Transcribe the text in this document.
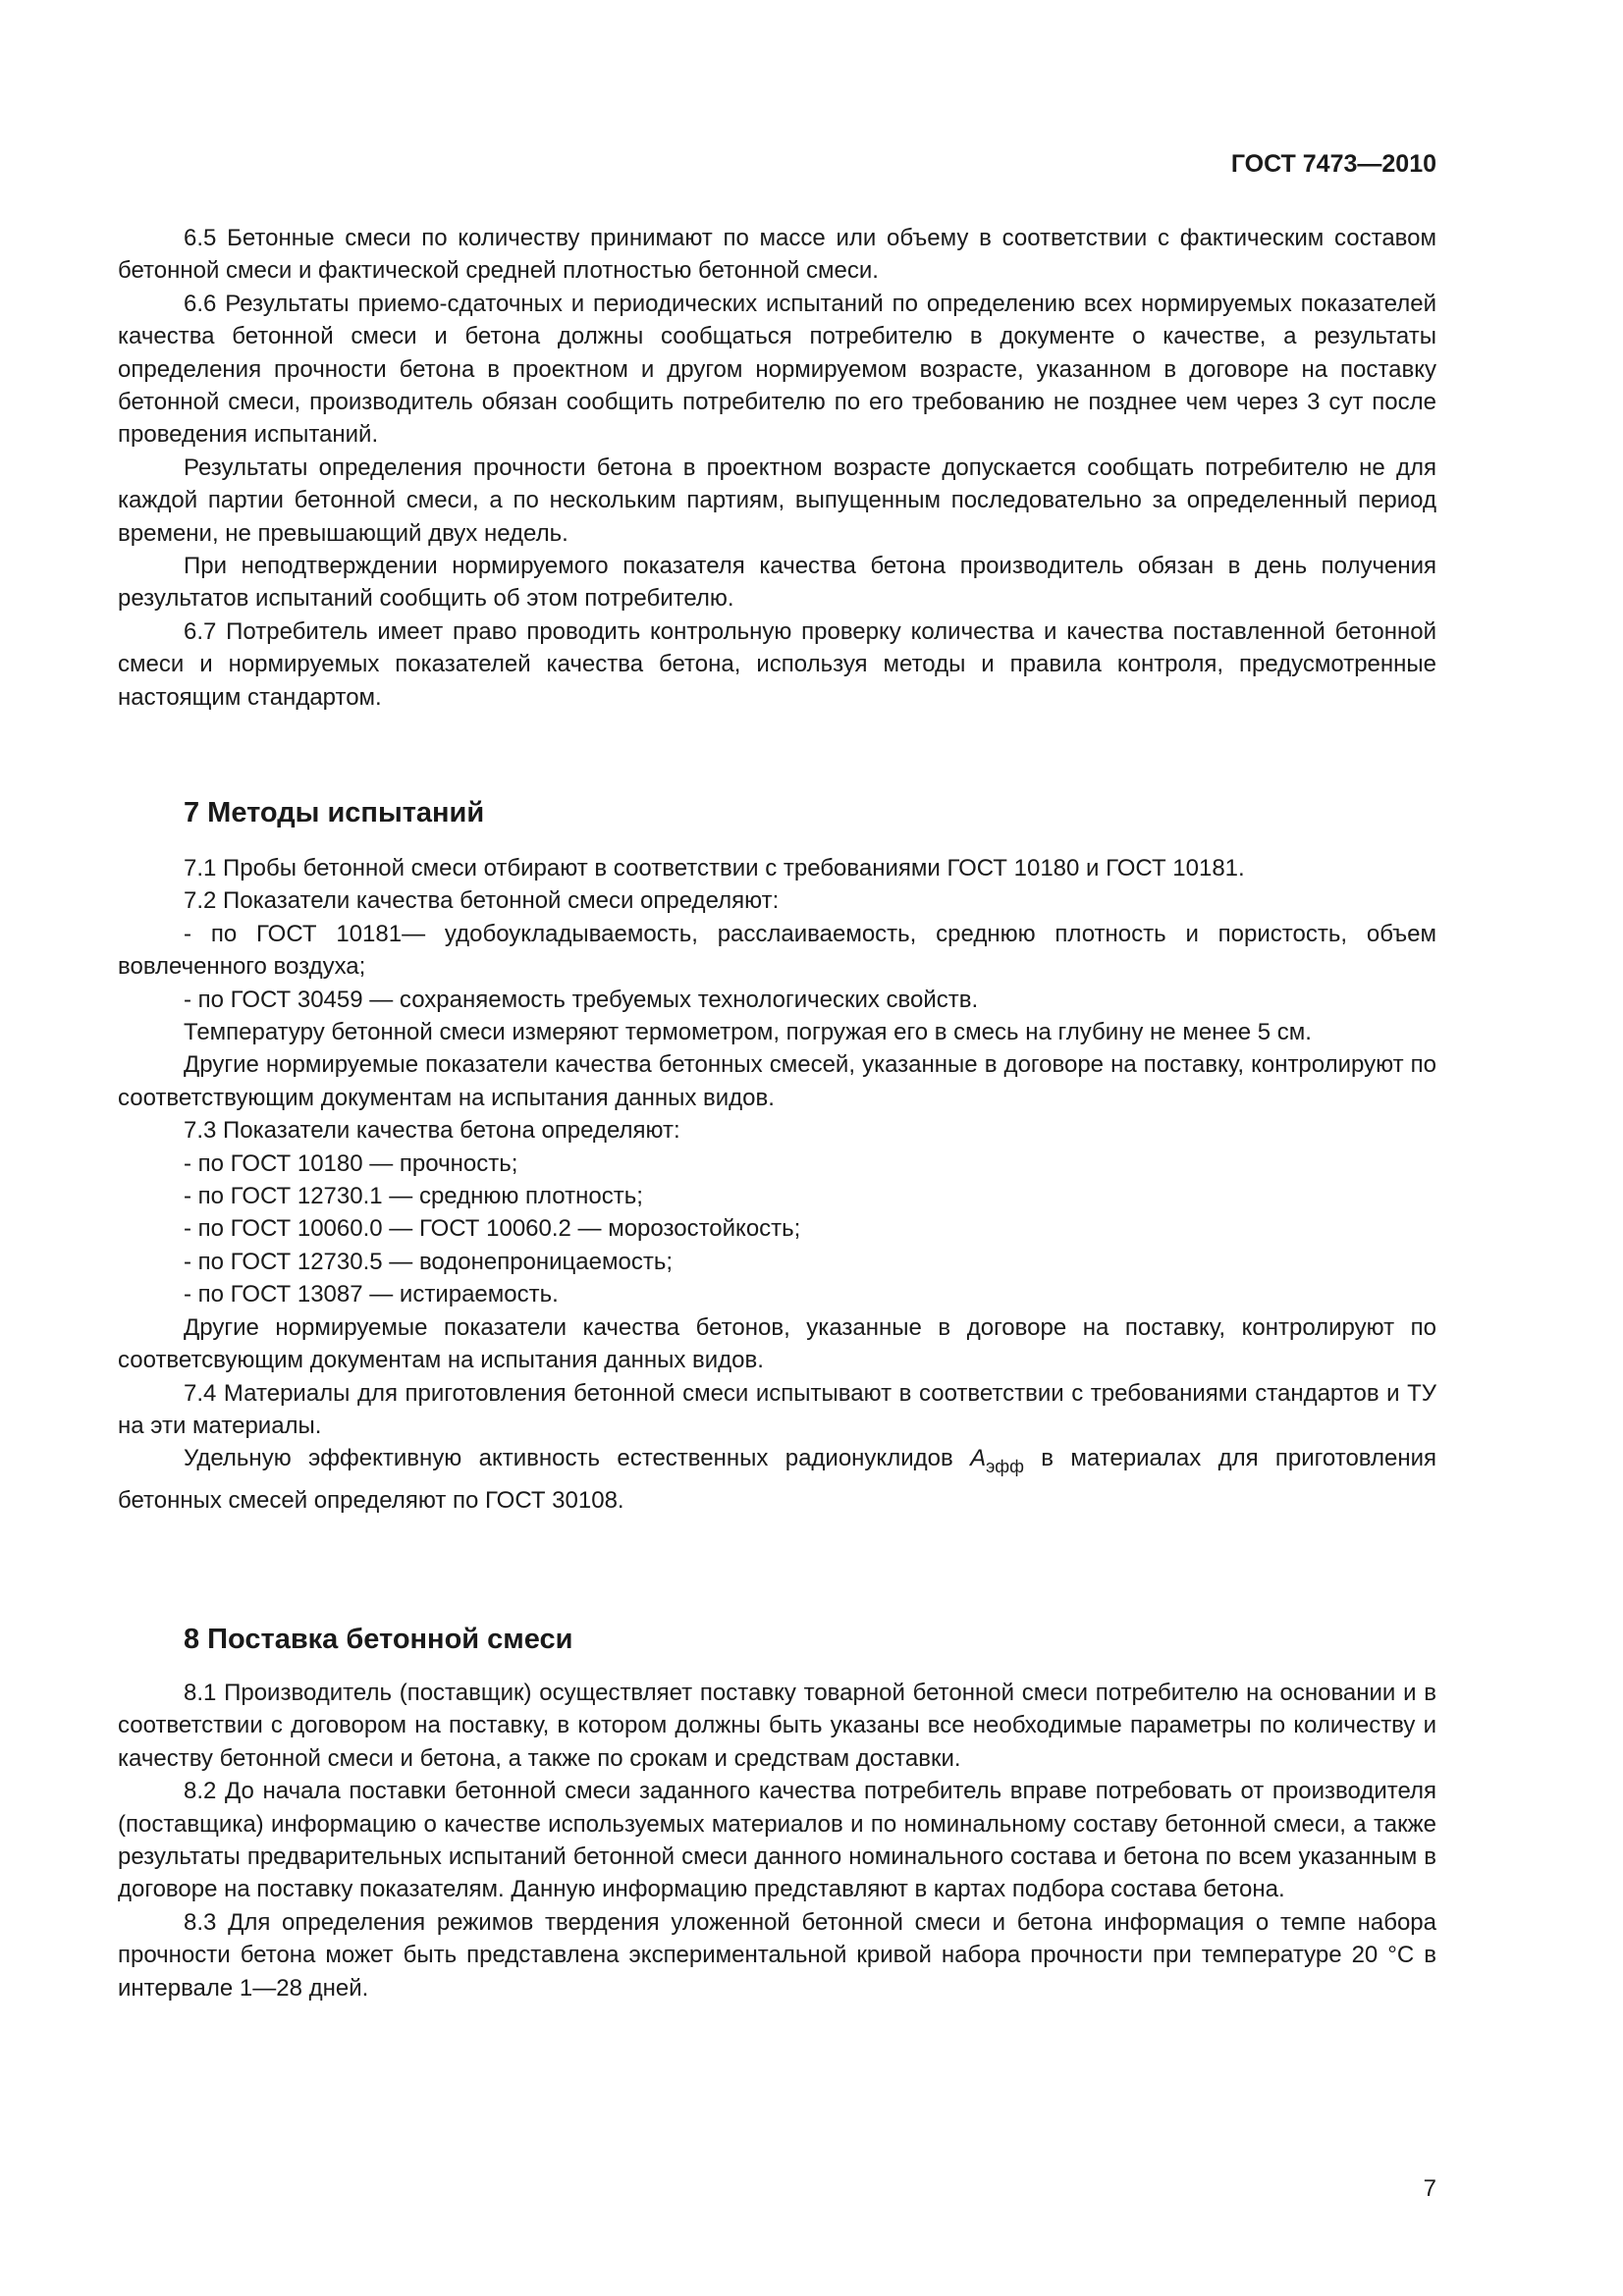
ГОСТ 7473—2010

6.5 Бетонные смеси по количеству принимают по массе или объему в соответствии с фактическим составом бетонной смеси и фактической средней плотностью бетонной смеси.

6.6 Результаты приемо-сдаточных и периодических испытаний по определению всех нормируемых показателей качества бетонной смеси и бетона должны сообщаться потребителю в документе о качестве, а результаты определения прочности бетона в проектном и другом нормируемом возрасте, указанном в договоре на поставку бетонной смеси, производитель обязан сообщить потребителю по его требованию не позднее чем через 3 сут после проведения испытаний.

Результаты определения прочности бетона в проектном возрасте допускается сообщать потребителю не для каждой партии бетонной смеси, а по нескольким партиям, выпущенным последовательно за определенный период времени, не превышающий двух недель.

При неподтверждении нормируемого показателя качества бетона производитель обязан в день получения результатов испытаний сообщить об этом потребителю.

6.7 Потребитель имеет право проводить контрольную проверку количества и качества поставленной бетонной смеси и нормируемых показателей качества бетона, используя методы и правила контроля, предусмотренные настоящим стандартом.

7 Методы испытаний

7.1 Пробы бетонной смеси отбирают в соответствии с требованиями ГОСТ 10180 и ГОСТ 10181.

7.2 Показатели качества бетонной смеси определяют:

- по ГОСТ 10181— удобоукладываемость, расслаиваемость, среднюю плотность и пористость, объем вовлеченного воздуха;

- по ГОСТ 30459 — сохраняемость требуемых технологических свойств.

Температуру бетонной смеси измеряют термометром, погружая его в смесь на глубину не менее 5 см.

Другие нормируемые показатели качества бетонных смесей, указанные в договоре на поставку, контролируют по соответствующим документам на испытания данных видов.

7.3 Показатели качества бетона определяют:

- по ГОСТ 10180 — прочность;

- по ГОСТ 12730.1 — среднюю плотность;

- по ГОСТ 10060.0 — ГОСТ 10060.2 — морозостойкость;

- по ГОСТ 12730.5 — водонепроницаемость;

- по ГОСТ 13087 — истираемость.

Другие нормируемые показатели качества бетонов, указанные в договоре на поставку, контролируют по соответсвующим документам на испытания данных видов.

7.4 Материалы для приготовления бетонной смеси испытывают в соответствии с требованиями стандартов и ТУ на эти материалы.

Удельную эффективную активность естественных радионуклидов $A_{эфф}$ в материалах для приготовления бетонных смесей определяют по ГОСТ 30108.

8 Поставка бетонной смеси

8.1 Производитель (поставщик) осуществляет поставку товарной бетонной смеси потребителю на основании и в соответствии с договором на поставку, в котором должны быть указаны все необходимые параметры по количеству и качеству бетонной смеси и бетона, а также по срокам и средствам доставки.

8.2 До начала поставки бетонной смеси заданного качества потребитель вправе потребовать от производителя (поставщика) информацию о качестве используемых материалов и по номинальному составу бетонной смеси, а также результаты предварительных испытаний бетонной смеси данного номинального состава и бетона по всем указанным в договоре на поставку показателям. Данную информацию представляют в картах подбора состава бетона.

8.3 Для определения режимов твердения уложенной бетонной смеси и бетона информация о темпе набора прочности бетона может быть представлена экспериментальной кривой набора прочности при температуре 20 °С в интервале 1—28 дней.

7
